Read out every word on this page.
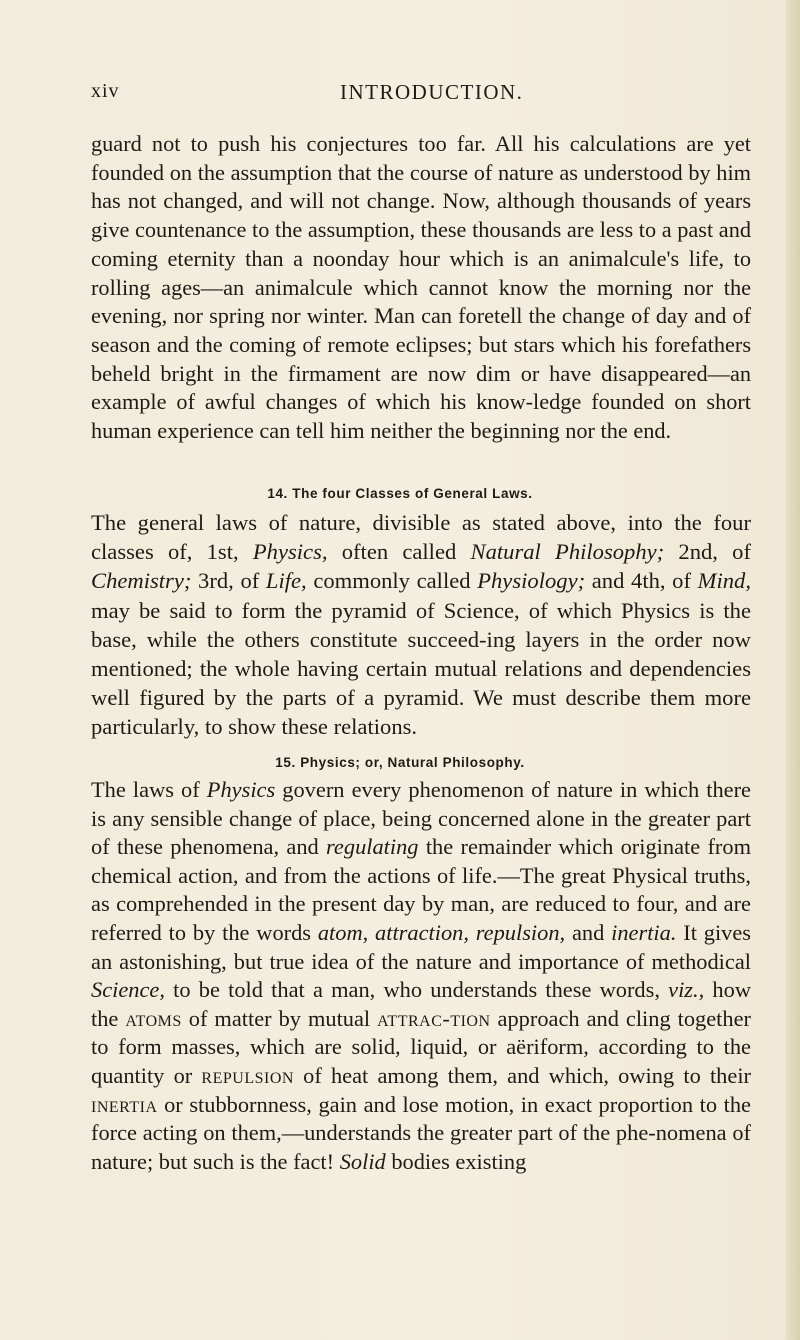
xiv	INTRODUCTION.

guard not to push his conjectures too far. All his calculations are yet founded on the assumption that the course of nature as understood by him has not changed, and will not change. Now, although thousands of years give countenance to the assumption, these thousands are less to a past and coming eternity than a noonday hour which is an animalcule's life, to rolling ages—an animalcule which cannot know the morning nor the evening, nor spring nor winter. Man can foretell the change of day and of season and the coming of remote eclipses; but stars which his forefathers beheld bright in the firmament are now dim or have disappeared—an example of awful changes of which his know-ledge founded on short human experience can tell him neither the beginning nor the end.

14. The four Classes of General Laws.

The general laws of nature, divisible as stated above, into the four classes of, 1st, Physics, often called Natural Philosophy; 2nd, of Chemistry; 3rd, of Life, commonly called Physiology; and 4th, of Mind, may be said to form the pyramid of Science, of which Physics is the base, while the others constitute succeed-ing layers in the order now mentioned; the whole having certain mutual relations and dependencies well figured by the parts of a pyramid. We must describe them more particularly, to show these relations.

15. Physics; or, Natural Philosophy.

The laws of Physics govern every phenomenon of nature in which there is any sensible change of place, being concerned alone in the greater part of these phenomena, and regulating the remainder which originate from chemical action, and from the actions of life.—The great Physical truths, as comprehended in the present day by man, are reduced to four, and are referred to by the words atom, attraction, repulsion, and inertia. It gives an astonishing, but true idea of the nature and importance of methodical Science, to be told that a man, who understands these words, viz., how the atoms of matter by mutual attrac-tion approach and cling together to form masses, which are solid, liquid, or aëriform, according to the quantity or repulsion of heat among them, and which, owing to their inertia or stubbornness, gain and lose motion, in exact proportion to the force acting on them,—understands the greater part of the phe-nomena of nature; but such is the fact! Solid bodies existing
